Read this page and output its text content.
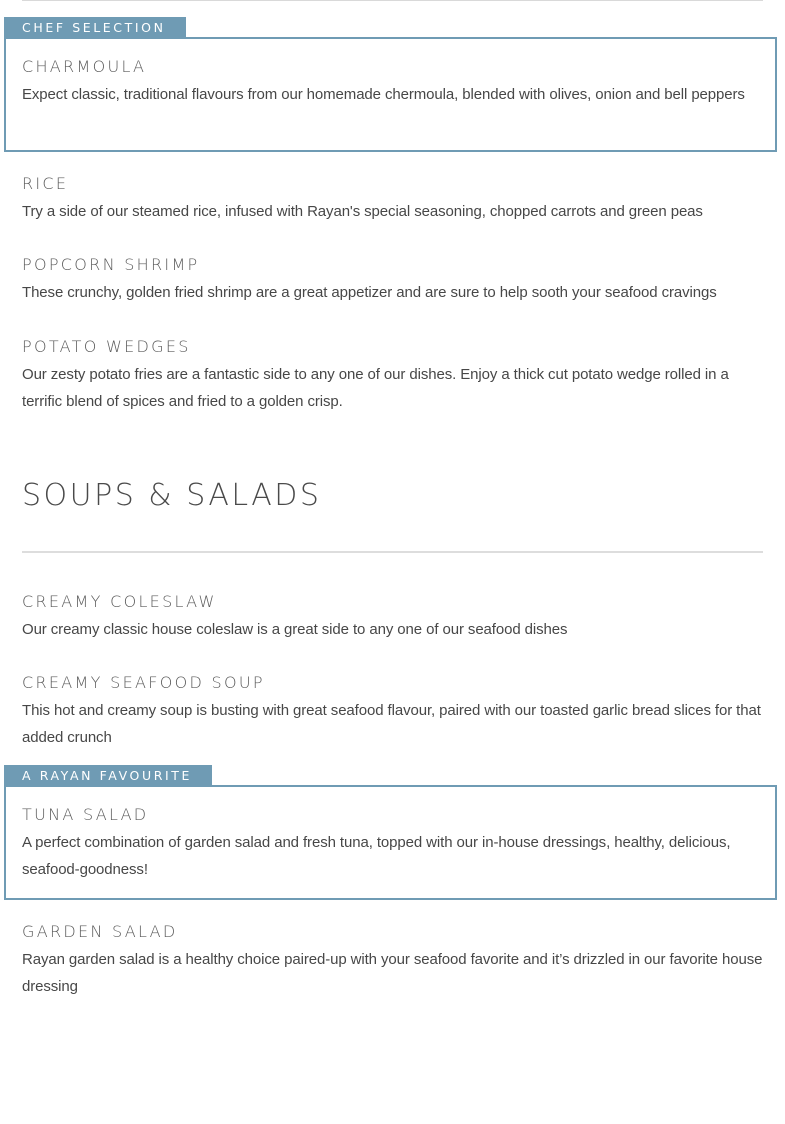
CHEF SELECTION
CHARMOULA
Expect classic, traditional flavours from our homemade chermoula, blended with olives, onion and bell peppers
RICE
Try a side of our steamed rice, infused with Rayan's special seasoning, chopped carrots and green peas
POPCORN SHRIMP
These crunchy, golden fried shrimp are a great appetizer and are sure to help sooth your seafood cravings
POTATO WEDGES
Our zesty potato fries are a fantastic side to any one of our dishes. Enjoy a thick cut potato wedge rolled in a terrific blend of spices and fried to a golden crisp.
SOUPS & SALADS
CREAMY COLESLAW
Our creamy classic house coleslaw is a great side to any one of our seafood dishes
CREAMY SEAFOOD SOUP
This hot and creamy soup is busting with great seafood flavour, paired with our toasted garlic bread slices for that added crunch
A RAYAN FAVOURITE
TUNA SALAD
A perfect combination of garden salad and fresh tuna, topped with our in-house dressings, healthy, delicious, seafood-goodness!
GARDEN SALAD
Rayan garden salad is a healthy choice paired-up with your seafood favorite and it’s drizzled in our favorite house dressing
